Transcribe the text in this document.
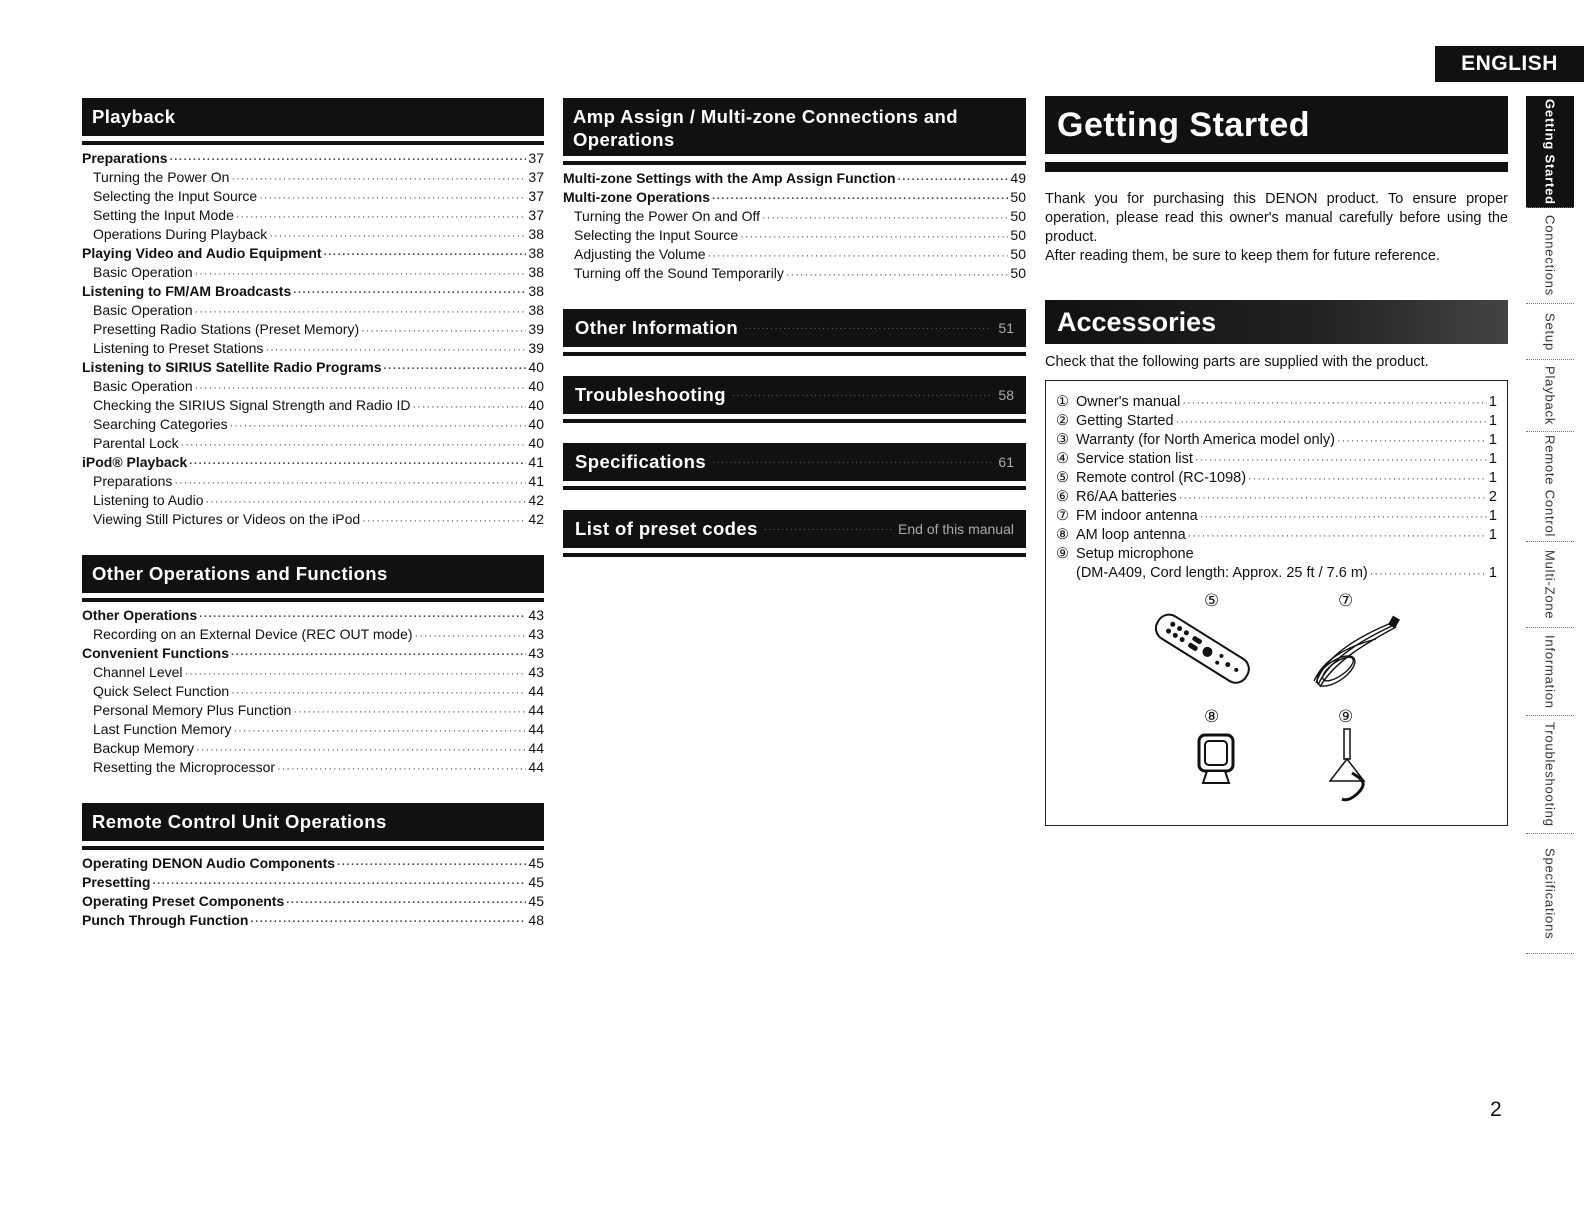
ENGLISH
Playback
Preparations ·····	37
Turning the Power On ·····	37
Selecting the Input Source ·····	37
Setting the Input Mode ·····	37
Operations During Playback ·····	38
Playing Video and Audio Equipment ·····	38
Basic Operation ·····	38
Listening to FM/AM Broadcasts ·····	38
Basic Operation ·····	38
Presetting Radio Stations (Preset Memory) ·····	39
Listening to Preset Stations ·····	39
Listening to SIRIUS Satellite Radio Programs ·····	40
Basic Operation ·····	40
Checking the SIRIUS Signal Strength and Radio ID ·····	40
Searching Categories ·····	40
Parental Lock ·····	40
iPod® Playback ·····	41
Preparations ·····	41
Listening to Audio ·····	42
Viewing Still Pictures or Videos on the iPod ·····	42
Other Operations and Functions
Other Operations ·····	43
Recording on an External Device (REC OUT mode) ·····	43
Convenient Functions ·····	43
Channel Level ·····	43
Quick Select Function ·····	44
Personal Memory Plus Function ·····	44
Last Function Memory ·····	44
Backup Memory ·····	44
Resetting the Microprocessor ·····	44
Remote Control Unit Operations
Operating DENON Audio Components ·····	45
Presetting ·····	45
Operating Preset Components ·····	45
Punch Through Function ·····	48
Amp Assign / Multi-zone Connections and Operations
Multi-zone Settings with the Amp Assign Function ·····	49
Multi-zone Operations ·····	50
Turning the Power On and Off ·····	50
Selecting the Input Source ·····	50
Adjusting the Volume ·····	50
Turning off the Sound Temporarily ·····	50
Other Information ·····	51
Troubleshooting ·····	58
Specifications ·····	61
List of preset codes ·····	End of this manual
Getting Started

Thank you for purchasing this DENON product. To ensure proper operation, please read this owner's manual carefully before using the product.

After reading them, be sure to keep them for future reference.

Accessories
Check that the following parts are supplied with the product.
① Owner's manual ·····	1
② Getting Started ·····	1
③ Warranty (for North America model only) ·····	1
④ Service station list ·····	1
⑤ Remote control (RC-1098) ·····	1
⑥ R6/AA batteries ·····	2
⑦ FM indoor antenna ·····	1
⑧ AM loop antenna ·····	1
⑨ Setup microphone
(DM-A409, Cord length: Approx. 25 ft / 7.6 m) ·····	1
⑤	⑦
⑧	⑨
Getting Started
Connections
Setup
Playback
Remote Control
Multi-Zone
Information
Troubleshooting
Specifications
2
